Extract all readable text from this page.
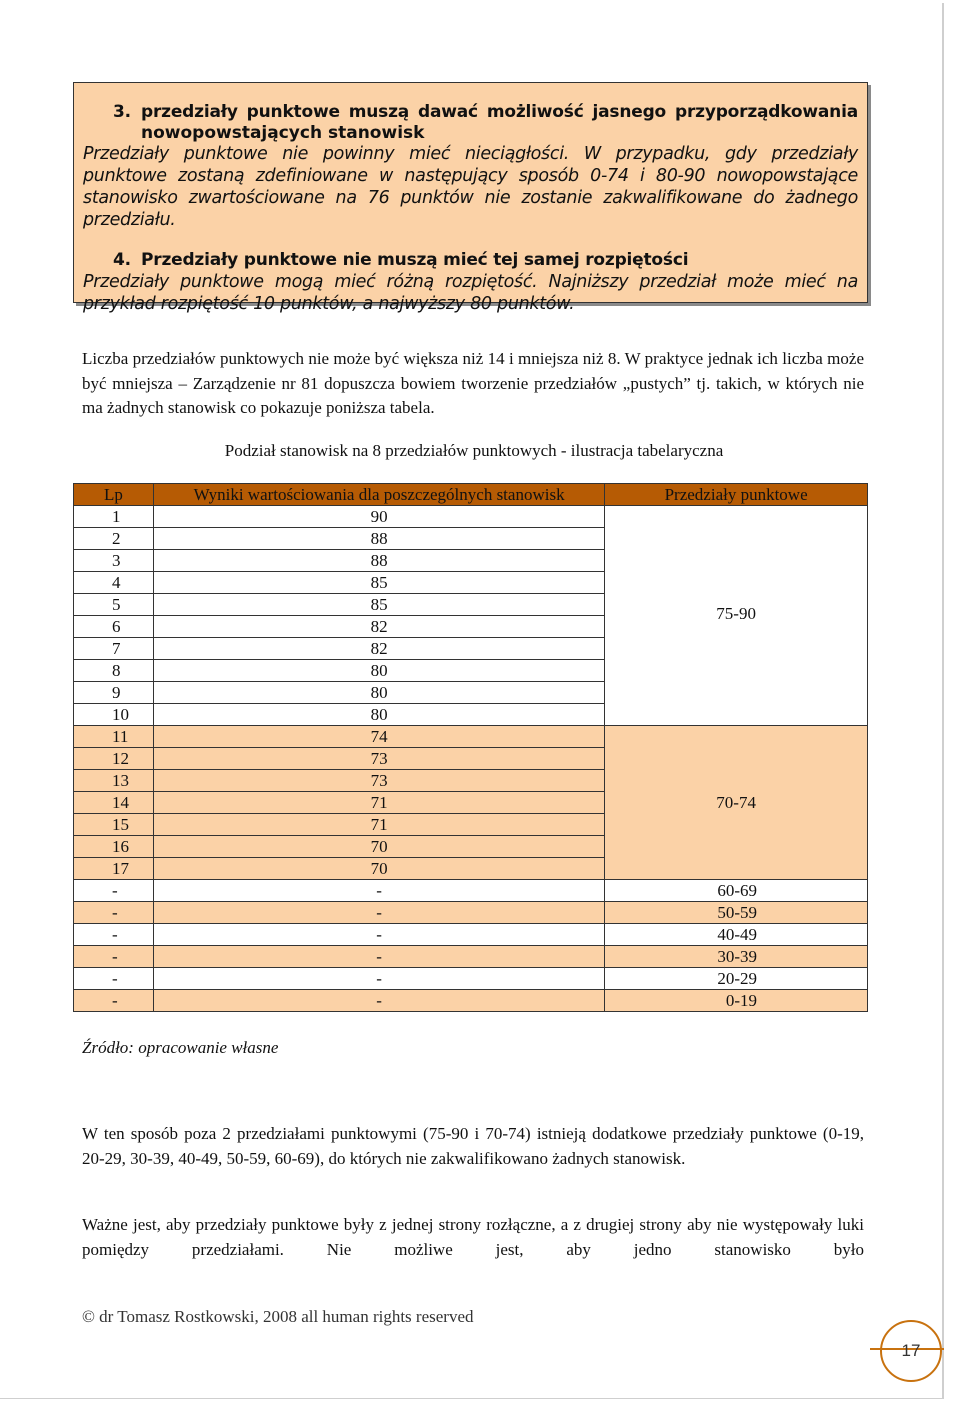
3. przedziały punktowe muszą dawać możliwość jasnego przyporządkowania
nowopowstających stanowisk
Przedziały punktowe nie powinny mieć nieciągłości. W przypadku, gdy przedziały punktowe zostaną zdefiniowane w następujący sposób 0-74 i 80-90 nowopowstające stanowisko zwartościowane na 76 punktów nie zostanie zakwalifikowane do żadnego przedziału.
4. Przedziały punktowe nie muszą mieć tej samej rozpiętości
Przedziały punktowe mogą mieć różną rozpiętość. Najniższy przedział może mieć na przykład rozpiętość 10 punktów, a najwyższy 80 punktów.
Liczba przedziałów punktowych nie może być większa niż 14 i mniejsza niż 8. W praktyce jednak ich liczba może być mniejsza – Zarządzenie nr 81 dopuszcza bowiem tworzenie przedziałów „pustych” tj. takich, w których nie ma żadnych stanowisk co pokazuje poniższa tabela.
Podział stanowisk na 8 przedziałów punktowych - ilustracja tabelaryczna
Lp	Wyniki wartościowania dla poszczególnych stanowisk	Przedziały punktowe
1	90	75-90
2	88	
3	88	
4	85	
5	85	
6	82	
7	82	
8	80	
9	80	
10	80	
11	74	70-74
12	73	
13	73	
14	71	
15	71	
16	70	
17	70	
-	-	60-69
-	-	50-59
-	-	40-49
-	-	30-39
-	-	20-29
-	-	0-19
Źródło: opracowanie własne
W ten sposób poza 2 przedziałami punktowymi (75-90 i 70-74) istnieją dodatkowe przedziały punktowe (0-19, 20-29, 30-39, 40-49, 50-59, 60-69), do których nie zakwalifikowano żadnych stanowisk.
Ważne jest, aby przedziały punktowe były z jednej strony rozłączne, a z drugiej strony aby nie występowały luki pomiędzy przedziałami. Nie możliwe jest, aby jedno stanowisko było
© dr Tomasz Rostkowski, 2008 all human rights reserved
17
